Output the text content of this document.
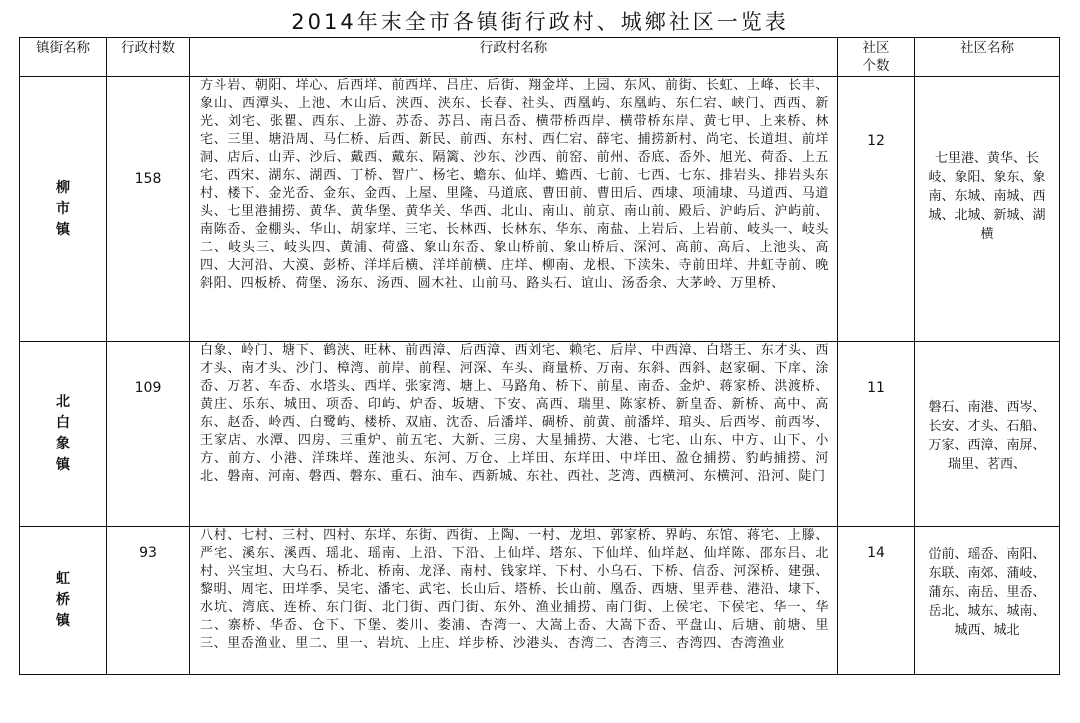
2014年末全市各镇街行政村、城鄉社区一览表
镇街名称	行政村数	行政村名称	社区个数	社区名称

柳市镇	158	方斗岩、朝阳、垟心、后西垟、前西垟、吕庄、后街、翔金垟、上园、东风、前街、长虹、上峰、长丰、象山、西潭头、上池、木山后、浃西、浃东、长春、社头、西凰屿、东凰屿、东仁宕、峡门、西西、新光、刘宅、张瞿、西东、上游、苏岙、苏吕、南吕岙、横带桥西岸、横带桥东岸、黄七甲、上来桥、林宅、三里、塘沿周、马仁桥、后西、新民、前西、东村、西仁宕、薛宅、捕捞新村、尚宅、长道坦、前垟洞、店后、山弄、沙后、戴西、戴东、隔篱、沙东、沙西、前窑、前州、岙底、岙外、旭光、荷岙、上五宅、西宋、湖东、湖西、丁桥、智广、杨宅、蟾东、仙垟、蟾西、七前、七西、七东、排岩头、排岩头东村、楼下、金光岙、金东、金西、上屋、里隆、马道底、曹田前、曹田后、西埭、项浦埭、马道西、马道头、七里港捕捞、黄华、黄华堡、黄华关、华西、北山、南山、前京、南山前、殿后、沪屿后、沪屿前、南陈岙、金棚头、华山、胡家垟、三宅、长林西、长林东、华东、南盐、上岩后、上岩前、岐头一、岐头二、岐头三、岐头四、黄浦、荷盛、象山东岙、象山桥前、象山桥后、深河、高前、高后、上池头、高四、大河沿、大漠、彭桥、洋垟后横、洋垟前横、庄垟、柳南、龙根、下渎朱、寺前田垟、井虹寺前、晚斜阳、四板桥、荷堡、汤东、汤西、圆木社、山前马、路头石、谊山、汤岙余、大茅岭、万里桥、	12	七里港、黄华、长岐、象阳、象东、象南、东城、南城、西城、北城、新城、湖横

北白象镇	109	白象、岭门、塘下、鹤浃、旺林、前西漳、后西漳、西刘宅、赖宅、后岸、中西漳、白塔王、东才头、西才头、南才头、沙门、樟湾、前岸、前程、河深、车头、商量桥、万南、东斜、西斜、赵家硐、下庠、涂岙、万茗、车岙、水塔头、西垟、张家湾、塘上、马路角、桥下、前星、南岙、金炉、蒋家桥、洪渡桥、黄庄、乐东、城田、项岙、印屿、炉岙、坂塘、下安、高西、瑞里、陈家桥、新皇岙、新桥、高中、高东、赵岙、岭西、白鹭屿、楼桥、双庙、沈岙、后潘垟、碉桥、前黄、前潘垟、琯头、后西岑、前西岑、王家店、水潭、四房、三重炉、前五宅、大新、三房、大星捕捞、大港、七宅、山东、中方、山下、小方、前方、小港、洋珠垟、莲池头、东河、万仓、上垟田、东垟田、中垟田、盈仓捕捞、豹屿捕捞、河北、磐南、河南、磐西、磐东、重石、油车、西新城、东社、西社、芝湾、西横河、东横河、沿河、陡门	11	磐石、南港、西岑、长安、才头、石船、万家、西漳、南屏、瑞里、茗西、

虹桥镇	93	八村、七村、三村、四村、东垟、东街、西街、上陶、一村、龙坦、郭家桥、界屿、东馆、蒋宅、上滕、严宅、溪东、溪西、瑶北、瑶南、上沿、下沿、上仙垟、塔东、下仙垟、仙垟赵、仙垟陈、邵东吕、北村、兴宝坦、大乌石、桥北、桥南、龙泽、南村、钱家垟、下村、小乌石、下桥、信岙、河深桥、建强、黎明、周宅、田垟季、吴宅、潘宅、武宅、长山后、塔桥、长山前、凰岙、西塘、里弄巷、港沿、埭下、水坑、湾底、连桥、东门街、北门街、西门街、东外、渔业捕捞、南门街、上侯宅、下侯宅、华一、华二、寨桥、华岙、仓下、下堡、娄川、娄浦、杏湾一、大嵩上岙、大嵩下岙、平盘山、后塘、前塘、里三、里岙渔业、里二、里一、岩坑、上庄、垟步桥、沙港头、杏湾二、杏湾三、杏湾四、杏湾渔业	14	峃前、瑶岙、南阳、东联、南郊、蒲岐、蒲东、南岳、里岙、岳北、城东、城南、城西、城北
